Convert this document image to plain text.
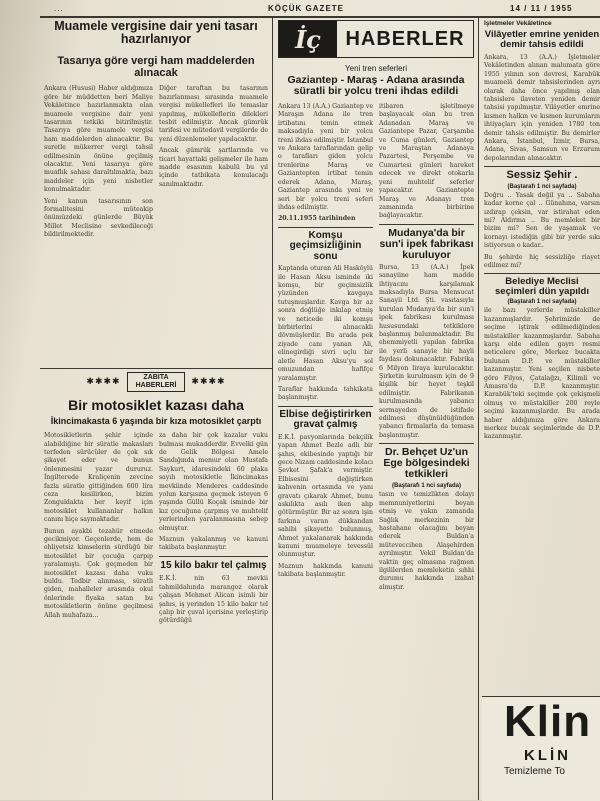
...	KÖÇÜK GAZETE	14 / 11 / 1955
Muamele vergisine dair yeni tasarı hazırlanıyor
Tasarıya göre vergi ham maddelerden alınacak

Ankara (Hususi) Haber aldığımıza göre bir müddetten beri Maliye Vekâletince hazırlanmakta olan muamele vergisine dair yeni tasarının tetkiki bitirilmiştir. Tasarıya göre muamele vergisi ham maddelerden alınacaktır. Bu suretle mükerrer vergi tahsil edilmesinin önüne geçilmiş olacaktır. Yeni tasarıya göre muaflık sahası daraltılmakta, bazı maddeler için yeni nisbetler konulmaktadır.

Yeni kanun tasarısının son formalitesini müteakip önümüzdeki günlerde Büyük Millet Meclisine sevkedileceği bildirilmektedir.

Diğer taraftan bu tasarının hazırlanması sırasında muamele vergisi mükellefleri ile temaslar yapılmış, mükelleflerin dilekleri tesbit edilmiştir. Ancak gümrük tarifesi ve mütedavil vergilerde de yeni düzenlemeler yapılacaktır.

Ancak gümrük şartlarında ve ticari hayattaki gelişmeler ile ham madde esasının kabulü bu yıl içinde tatbikata konulacağı sanılmaktadır.

✱✱✱✱	ZABITA
HABERLERİ ✱✱✱✱
Bir motosiklet kazası daha
İkincimakasta 6 yaşında bir kıza motosiklet çarptı

Motosikletlerin şehir içinde alabildiğine bir süratle makasları terfeden sürücüler de çok sık şikayet eder ve bunun önlenmesini yazar dururuz. İngilterede Kraliçenin zevcine fazla süratle gittiğinden 600 lira ceza kesilirken, bizim Zonguldakta her keyif için motosiklet kullananlar halkın canını hiçe saymaktadır.

Bunun ayakbi tezahür etmede gecikmiyor. Geçenlerde, hem de ehliyetsiz kimselerin sürdüğü bir motosiklet bir çocuğa çarpıp yaralamıştı. Çok geçmeden bir motosiklet kazası daha vuku buldu. Tedbir alınması, süratli giden, mahalleler arasında okul önlerinde fiyaka satan bu motosikletlerin önüne geçilmesi Allah muhafaza...

za daha bir çok kazalar vuku bulması mukadderdir. Evvelki gün de Gelik Bölgesi Amele Sandığında memur olan Mustafa Saykurt, idaresindeki 60 plaka sayılı motosikletle İkincimakas mevkiinde Menderes caddesinde yolun karşısına geçmek isteyen 6 yaşında Güllü Koçak isminde bir kız çocuğuna çarpmış ve muhtelif yerlerinden yaralanmasına sebep olmuştur.

Maznun yakalanmış ve kanuni takibata başlanmıştır.

15 kilo bakır tel çalmış

E.K.İ. nin 63 mevkii tahmildahında marangoz olarak çalışan Mehmet Alican isimli bir şahıs, iş yerinden 15 kilo bakır tel çalıp bir çuval içerisine yerleştirip götürdüğü

İç	HABERLER
Yeni tren seferleri
Gaziantep - Maraş - Adana arasında süratli bir yolcu treni ihdas edildi

Ankara 13 (A.A.) Gaziantep ve Maraşın Adana ile tren irtibatını temin etmek maksadıyla yeni bir yolcu treni ihdas edilmiştir. İstanbul ve Ankara taraflarından gelip o tarafları giden yolcu trenlerine Maraş ve Gaziantepten irtibat temin ederek Adana, Maraş, Gaziantep arasında yeni ve seri bir yolcu treni seferi ihdas edilmiştir.

20.11.1955 tarihinden

Komşu geçimsizliğinin sonu

Kaptanda oturan Ali Hasköylü ile Hasan Aksu isminde iki komşu, bir geçimsizlik yüzünden kavgaya tutuşmuşlardır. Kavga bir az sonra doğlüğe inkılap etmiş ve neticede iki komşu birbirlerini alınacaklı dövmüşlerdir. Bu arada pek ziyade canı yanan Ali, elinegirdiği sivri uçlu bir aletle Hasan Aksu'yu sol omuzundan hafifçe yaralamıştır.

Taraflar hakkında tahkikata başlanmıştır.

Elbise değiştirirken gravat çalmış

E.K.İ. pavyonlarında bekçilik yapan Ahmet Bezle adlı bir şahıs, ekibesinde yaptığı bir gece Nizam caddesinde kolacı Şevket Şafak'a vermiştir. Elbisesini değiştirken kahvenin ortasında ve yanı gravatı çıkarak Ahmet, bunu askılıkta asılı iken alıp götürmüştür. Bir az sonra işin farkına varan dükkandan sahibi şikayette bulunmuş, Ahmet yakalanarak hakkında kanuni muameleye tevessül olunmuştur.

Maznun hakkında kanuni takibata başlanmıştır.

itibaren işletilmeye başlayacak olan bu tren Adanadan Maraş ve Gaziantepe Pazar, Çarşamba ve Cuma günleri, Gaziantep ve Maraştan Adanaya Pazartesi, Perşembe ve Cumartesi günleri hareket edecek ve direkt otokarla yeni muhtelif seferler yapacaktır. Gaziantepte Maraş ve Adanayı tren zamanında birbirine bağlayacaktır.

Mudanya'da bir sun'i ipek fabrikası kuruluyor

Bursa, 13 (A.A.) İpek sanayiine ham madde ihtiyacını karşılamak maksadıyla Bursa Mensucat Sanayii Ltd. Şti. vasıtasıyla kurulan Mudanya'da bir sun'i ipek fabrikası kurulması hususundaki tetkiklere başlanmış bulunmaktadır. Bu ehemmiyetli yapılan fabrika ile yerli sanayie bir hayli faydası dokunacaktır. Fabrika 6 Milyon liraya kurulacaktır. Şirketin kurulmasın için de 9 kişilik bir heyet teşkil edilmiştir. Fabrikanın kurulmasında yabancı sermayeden de istifade edilmesi düşünüldüğünden yabancı firmalarla da temasa başlanmıştır.

Dr. Behçet Uz'un Ege bölgesindeki tetkikleri
(Baştarafı 1 nci sayfada)

tasın ve temizlikten dolayı memnuniyetlerini beyan etmiş ve yakın zamanda Sağlık merkezinin bir hastahane olacağını beyan ederek Buldan'a müteveccihen Alaşehirden ayrılmıştır. Vekil Buldan'da vaktin geç olmasına rağmen ilgililerden memleketin sıhhi durumu hakkında izahat almıştır.

İşletmeler Vekâletince
Vilâyetler emrine yeniden demir tahsis edildi

Ankara, 13 (A.A.) İşletmeler Vekâletinden alınan malumata göre 1955 yılının son devresi, Karabük muamelâ demir tahsislerinden ayrı olarak daha önce yapılmış olan tahsislere ilaveten yeniden demir tahsisi yapılmıştır. Vilâyetler emrine kısmen halkın ve kısmen kurumların ihtiyaçları için yeniden 1780 ton demir tahsis edilmiştir. Bu demirler Ankara, İstanbul, İzmir, Bursa, Adana, Sivas, Samsun ve Erzurum depolarından alınacaktır.

Sessiz Şehir .
(Baştarafı 1 nci sayfada)

Doğru .. Yasak değil ya .. Sabaha kadar korne çal .. Günahına, varsın ızdırap çeksin, var istirahat eden mi? Aldırma .. Bu memleket bir bizim mi? Sen de yaşamak ve kornayı istediğin gibi bir yerde sıkı istiyorsun o kadar..

Bu şehirde hiç sessizliğe riayet edilmez mi?

Belediye Meclisi seçimleri dün yapıldı
(Baştarafı 1 nci sayfada)

ile bazı yerlerde müstakiller kazanmışlardır. Şehrimizde de seçime iştirak edilmediğinden müstakiller kazanmışlardır. Sabaha karşı elde edilen gayrı resmi neticelere göre, Merkez bucakta bulunan D.P. ve müstakiller kazanmıştır. Yeni seçilen nisbete göre Filyos, Çatalağzı, Kilimli ve Amasra'da D.P. kazanmıştır. Karabük'teki seçimde çok çekişmeli olmuş ve müstakiller 200 reyle seçimi kazanmışlardır. Bu arada haber aldığımıza göre Ankara merkez bucak seçimlerinde de D.P. kazanmıştır.

Klin
KLİN
Temizleme To
